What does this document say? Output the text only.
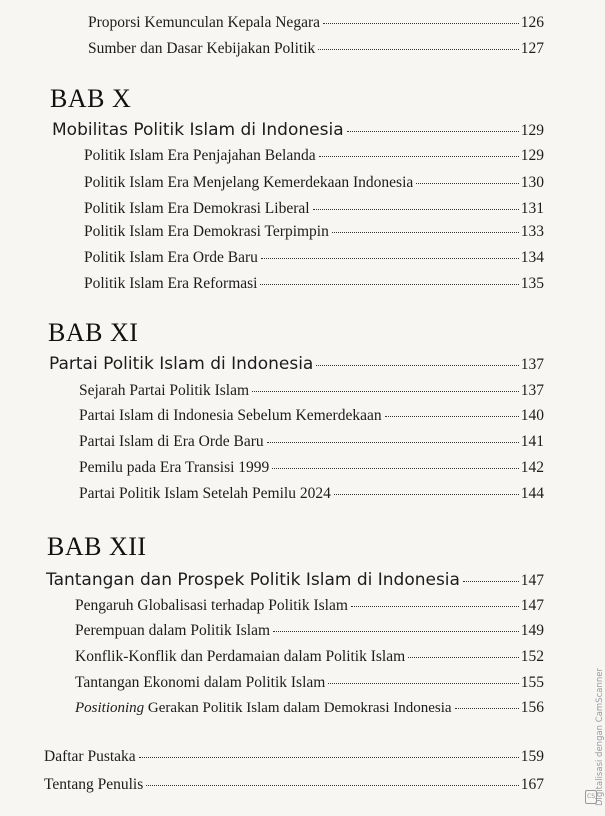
Proporsi Kemunculan Kepala Negara	126
Sumber dan Dasar Kebijakan Politik	127
BAB X
Mobilitas Politik Islam di Indonesia	129
Politik Islam Era Penjajahan Belanda	129
Politik Islam Era Menjelang Kemerdekaan Indonesia	130
Politik Islam Era Demokrasi Liberal	131
Politik Islam Era Demokrasi Terpimpin	133
Politik Islam Era Orde Baru	134
Politik Islam Era Reformasi	135
BAB XI
Partai Politik Islam di Indonesia	137
Sejarah Partai Politik Islam	137
Partai Islam di Indonesia Sebelum Kemerdekaan	140
Partai Islam di Era Orde Baru	141
Pemilu pada Era Transisi 1999	142
Partai Politik Islam Setelah Pemilu 2024	144
BAB XII
Tantangan dan Prospek Politik Islam di Indonesia	147
Pengaruh Globalisasi terhadap Politik Islam	147
Perempuan dalam Politik Islam	149
Konflik-Konflik dan Perdamaian dalam Politik Islam	152
Tantangan Ekonomi dalam Politik Islam	155
Positioning Gerakan Politik Islam dalam Demokrasi Indonesia	156
Daftar Pustaka	159
Tentang Penulis	167	Digitalisasi dengan CamScanner
CS
